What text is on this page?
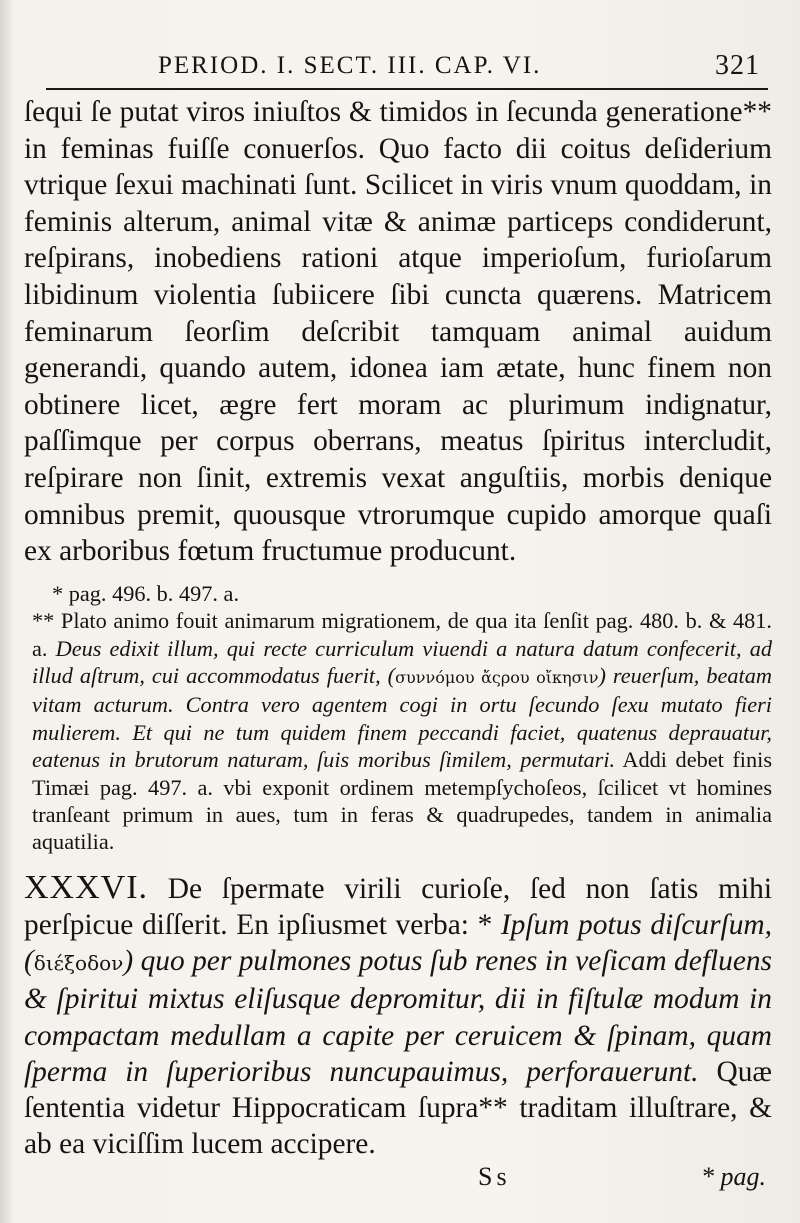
PERIOD. I. SECT. III. CAP. VI.	321

ſequi ſe putat viros iniuſtos & timidos in ſecunda generatione** in feminas fuiſſe conuerſos. Quo facto dii coitus deſiderium vtrique ſexui machinati ſunt. Scilicet in viris vnum quoddam, in feminis alterum, animal vitæ & animæ particeps condiderunt, reſpirans, inobediens rationi atque imperioſum, furioſarum libidinum violentia ſubiicere ſibi cuncta quærens. Matricem feminarum ſeorſim deſcribit tamquam animal auidum generandi, quando autem, idonea iam ætate, hunc finem non obtinere licet, ægre fert moram ac plurimum indignatur, paſſimque per corpus oberrans, meatus ſpiritus intercludit, reſpirare non ſinit, extremis vexat anguſtiis, morbis denique omnibus premit, quousque vtrorumque cupido amorque quaſi ex arboribus fœtum fructumue producunt.

* pag. 496. b. 497. a.

** Plato animo fouit animarum migrationem, de qua ita ſenſit pag. 480. b. & 481. a. Deus edixit illum, qui recte curriculum viuendi a natura datum confecerit, ad illud aſtrum, cui accommodatus fuerit, (συννόμου ἄςρου οἴκησιν) reuerſum, beatam vitam acturum. Contra vero agentem cogi in ortu ſecundo ſexu mutato fieri mulierem. Et qui ne tum quidem finem peccandi faciet, quatenus deprauatur, eatenus in brutorum naturam, ſuis moribus ſimilem, permutari. Addi debet finis Timæi pag. 497. a. vbi exponit ordinem metempſychoſeos, ſcilicet vt homines tranſeant primum in aues, tum in feras & quadrupedes, tandem in animalia aquatilia.

XXXVI. De ſpermate virili curioſe, ſed non ſatis mihi perſpicue diſſerit. En ipſiusmet verba: * Ipſum potus diſcurſum, (διέξοδον) quo per pulmones potus ſub renes in veſicam defluens & ſpiritui mixtus eliſusque depromitur, dii in fiſtulæ modum in compactam medullam a capite per ceruicem & ſpinam, quam ſperma in ſuperioribus nuncupauimus, perforauerunt. Quæ ſententia videtur Hippocraticam ſupra** traditam illuſtrare, & ab ea viciſſim lucem accipere.

Ss	* pag.
